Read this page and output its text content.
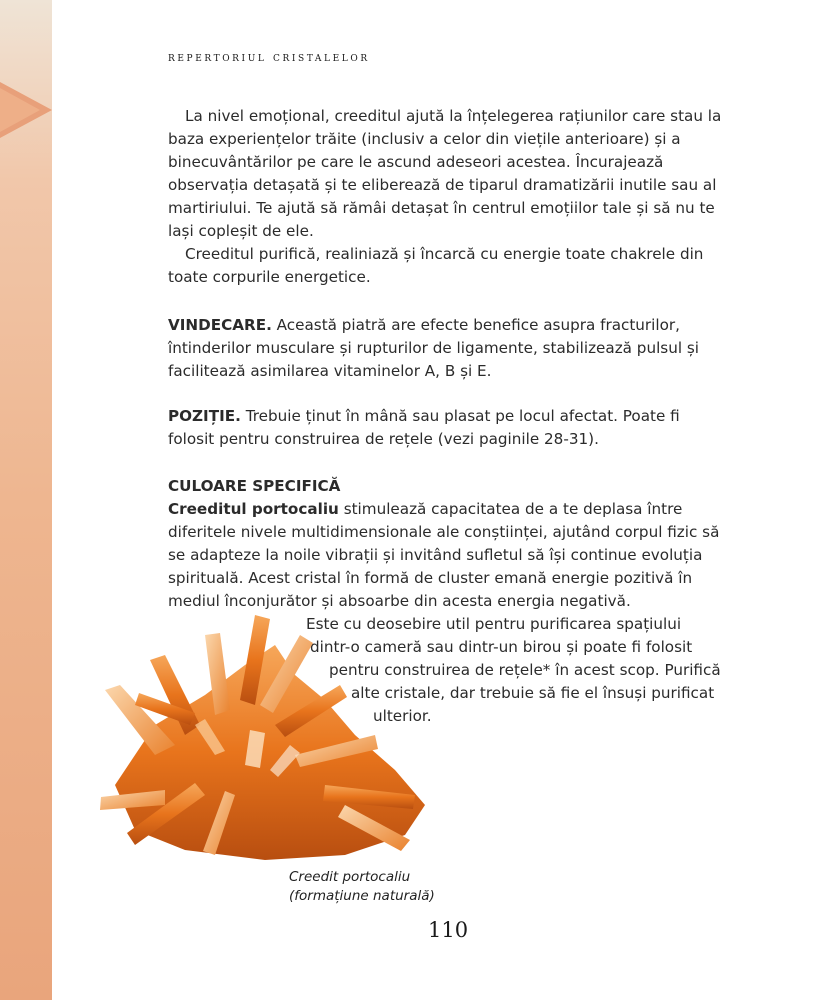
repertoriul cristalelor

La nivel emoțional, creeditul ajută la înțelegerea rațiunilor care stau la baza experiențelor trăite (inclusiv a celor din viețile anterioare) și a binecuvântărilor pe care le ascund adeseori acestea. Încurajează observația detașată și te eliberează de tiparul dramatizării inutile sau al martiriului. Te ajută să rămâi detașat în centrul emoțiilor tale și să nu te lași copleșit de ele.

Creeditul purifică, realiniază și încarcă cu energie toate chakrele din toate corpurile energetice.

VINDECARE. Această piatră are efecte benefice asupra fracturilor, întinderilor musculare și rupturilor de ligamente, stabilizează pulsul și facilitează asimilarea vitaminelor A, B și E.

POZIȚIE. Trebuie ținut în mână sau plasat pe locul afectat. Poate fi folosit pentru construirea de rețele (vezi paginile 28-31).

CULOARE SPECIFICĂ

Creeditul portocaliu stimulează capacitatea de a te deplasa între diferitele nivele multidimensionale ale conștiinței, ajutând corpul fizic să se adapteze la noile vibrații și invitând sufletul să își continue evoluția spirituală. Acest cristal în formă de cluster emană energie pozitivă în mediul înconjurător și absoarbe din acesta energia negativă.

Este cu deosebire util pentru purificarea spațiului
dintr-o cameră sau dintr-un birou și poate fi folosit
pentru construirea de rețele* în acest scop. Purifică
alte cristale, dar trebuie să fie el însuși purificat
ulterior.
Creedit portocaliu
(formațiune naturală)
110
